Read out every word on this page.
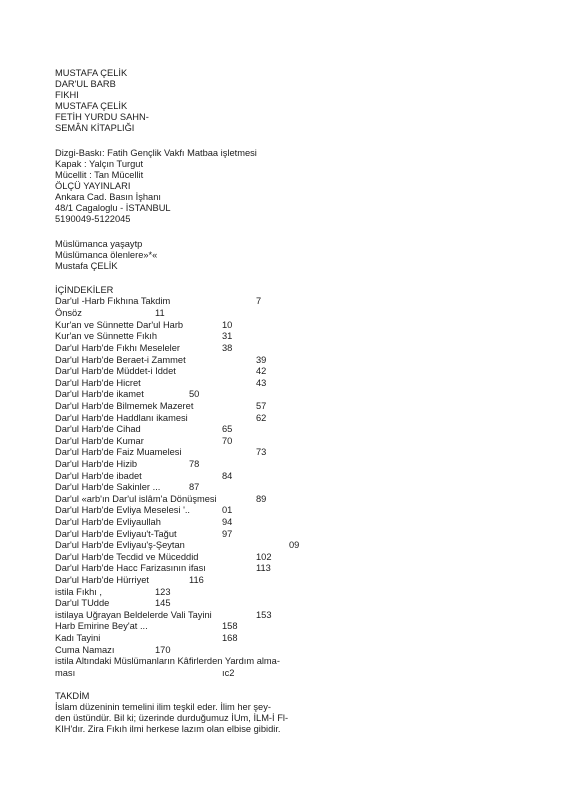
MUSTAFA ÇELİK
DAR'UL BARB
FIKHI
MUSTAFA ÇELİK
FETİH YURDU SAHN-
SEMÂN KİTAPLIĞI
Dizgi-Baskı: Fatih Gençlik Vakfı Matbaa işletmesi
Kapak : Yalçın Turgut
Mücellit : Tan Mücellit
ÖLÇÜ YAYINLARI
Ankara Cad. Basın İşhanı
48/1 Cagaloglu - İSTANBUL
5190049-5122045
Müslümanca yaşaytp
Müslümanca ölenlere»*«
Mustafa ÇELİK
İÇİNDEKİLER
Dar'ul -Harb Fıkhına Takdim	7
Önsöz	11
Kur'an ve Sünnette Dar'ul Harb	10
Kur'an ve Sünnette Fıkıh	31
Dar'ul Harb'de Fıkhı Meseleler	38
Dar'ul Harb'de Beraet-i Zammet	39
Dar'ul Harb'de Müddet-i Iddet	42
Dar'ul Harb'de Hicret	43
Dar'ul Harb'de ikamet	50
Dar'ul Harb'de Bilmemek Mazeret	57
Dar'ul Harb'de Haddlanı ikamesi	62
Dar'ul Harb'de Cihad	65
Dar'ul Harb'de Kumar	70
Dar'ul Harb'de Faiz Muamelesi	73
Dar'ul Harb'de Hizib	78
Dar'ul Harb'de ibadet	84
Dar'ul Harb'de Sakinler ...	87
Dar'ul «arb'ın Dar'ul islâm'a Dönüşmesi	89
Dar'ul Harb'de Evliya Meselesi '..	01
Dar'ul Harb'de Evliyaullah	94
Dar'ul Harb'de Evliyau't-Tağut	97
Dar'ul Harb'de Evliyau'ş-Şeytan	09
Dar'ul Harb'de Tecdid ve Müceddid	102
Dar'ul Harb'de Hacc Farizasının ifası	113
Dar'ul Harb'de Hürriyet	116
istila Fıkhı ,	123
Dar'ul TUdde	145
istilaya Uğrayan Beldelerde Vali Tayini	153
Harb Emirine Bey'at ...	158
Kadı Tayini	168
Cuma Namazı	170
istila Altındaki Müslümanların Kâfirlerden Yardım alma-
ması	ıc2
TAKDİM
İslam düzeninin temelini ilim teşkil eder. İlim her şey-
den üstündür. Bil ki; üzerinde durduğumuz İUm, İLM-İ Fl-
KIH'dır. Zira Fıkıh ilmi herkese lazım olan elbise gibidir.
